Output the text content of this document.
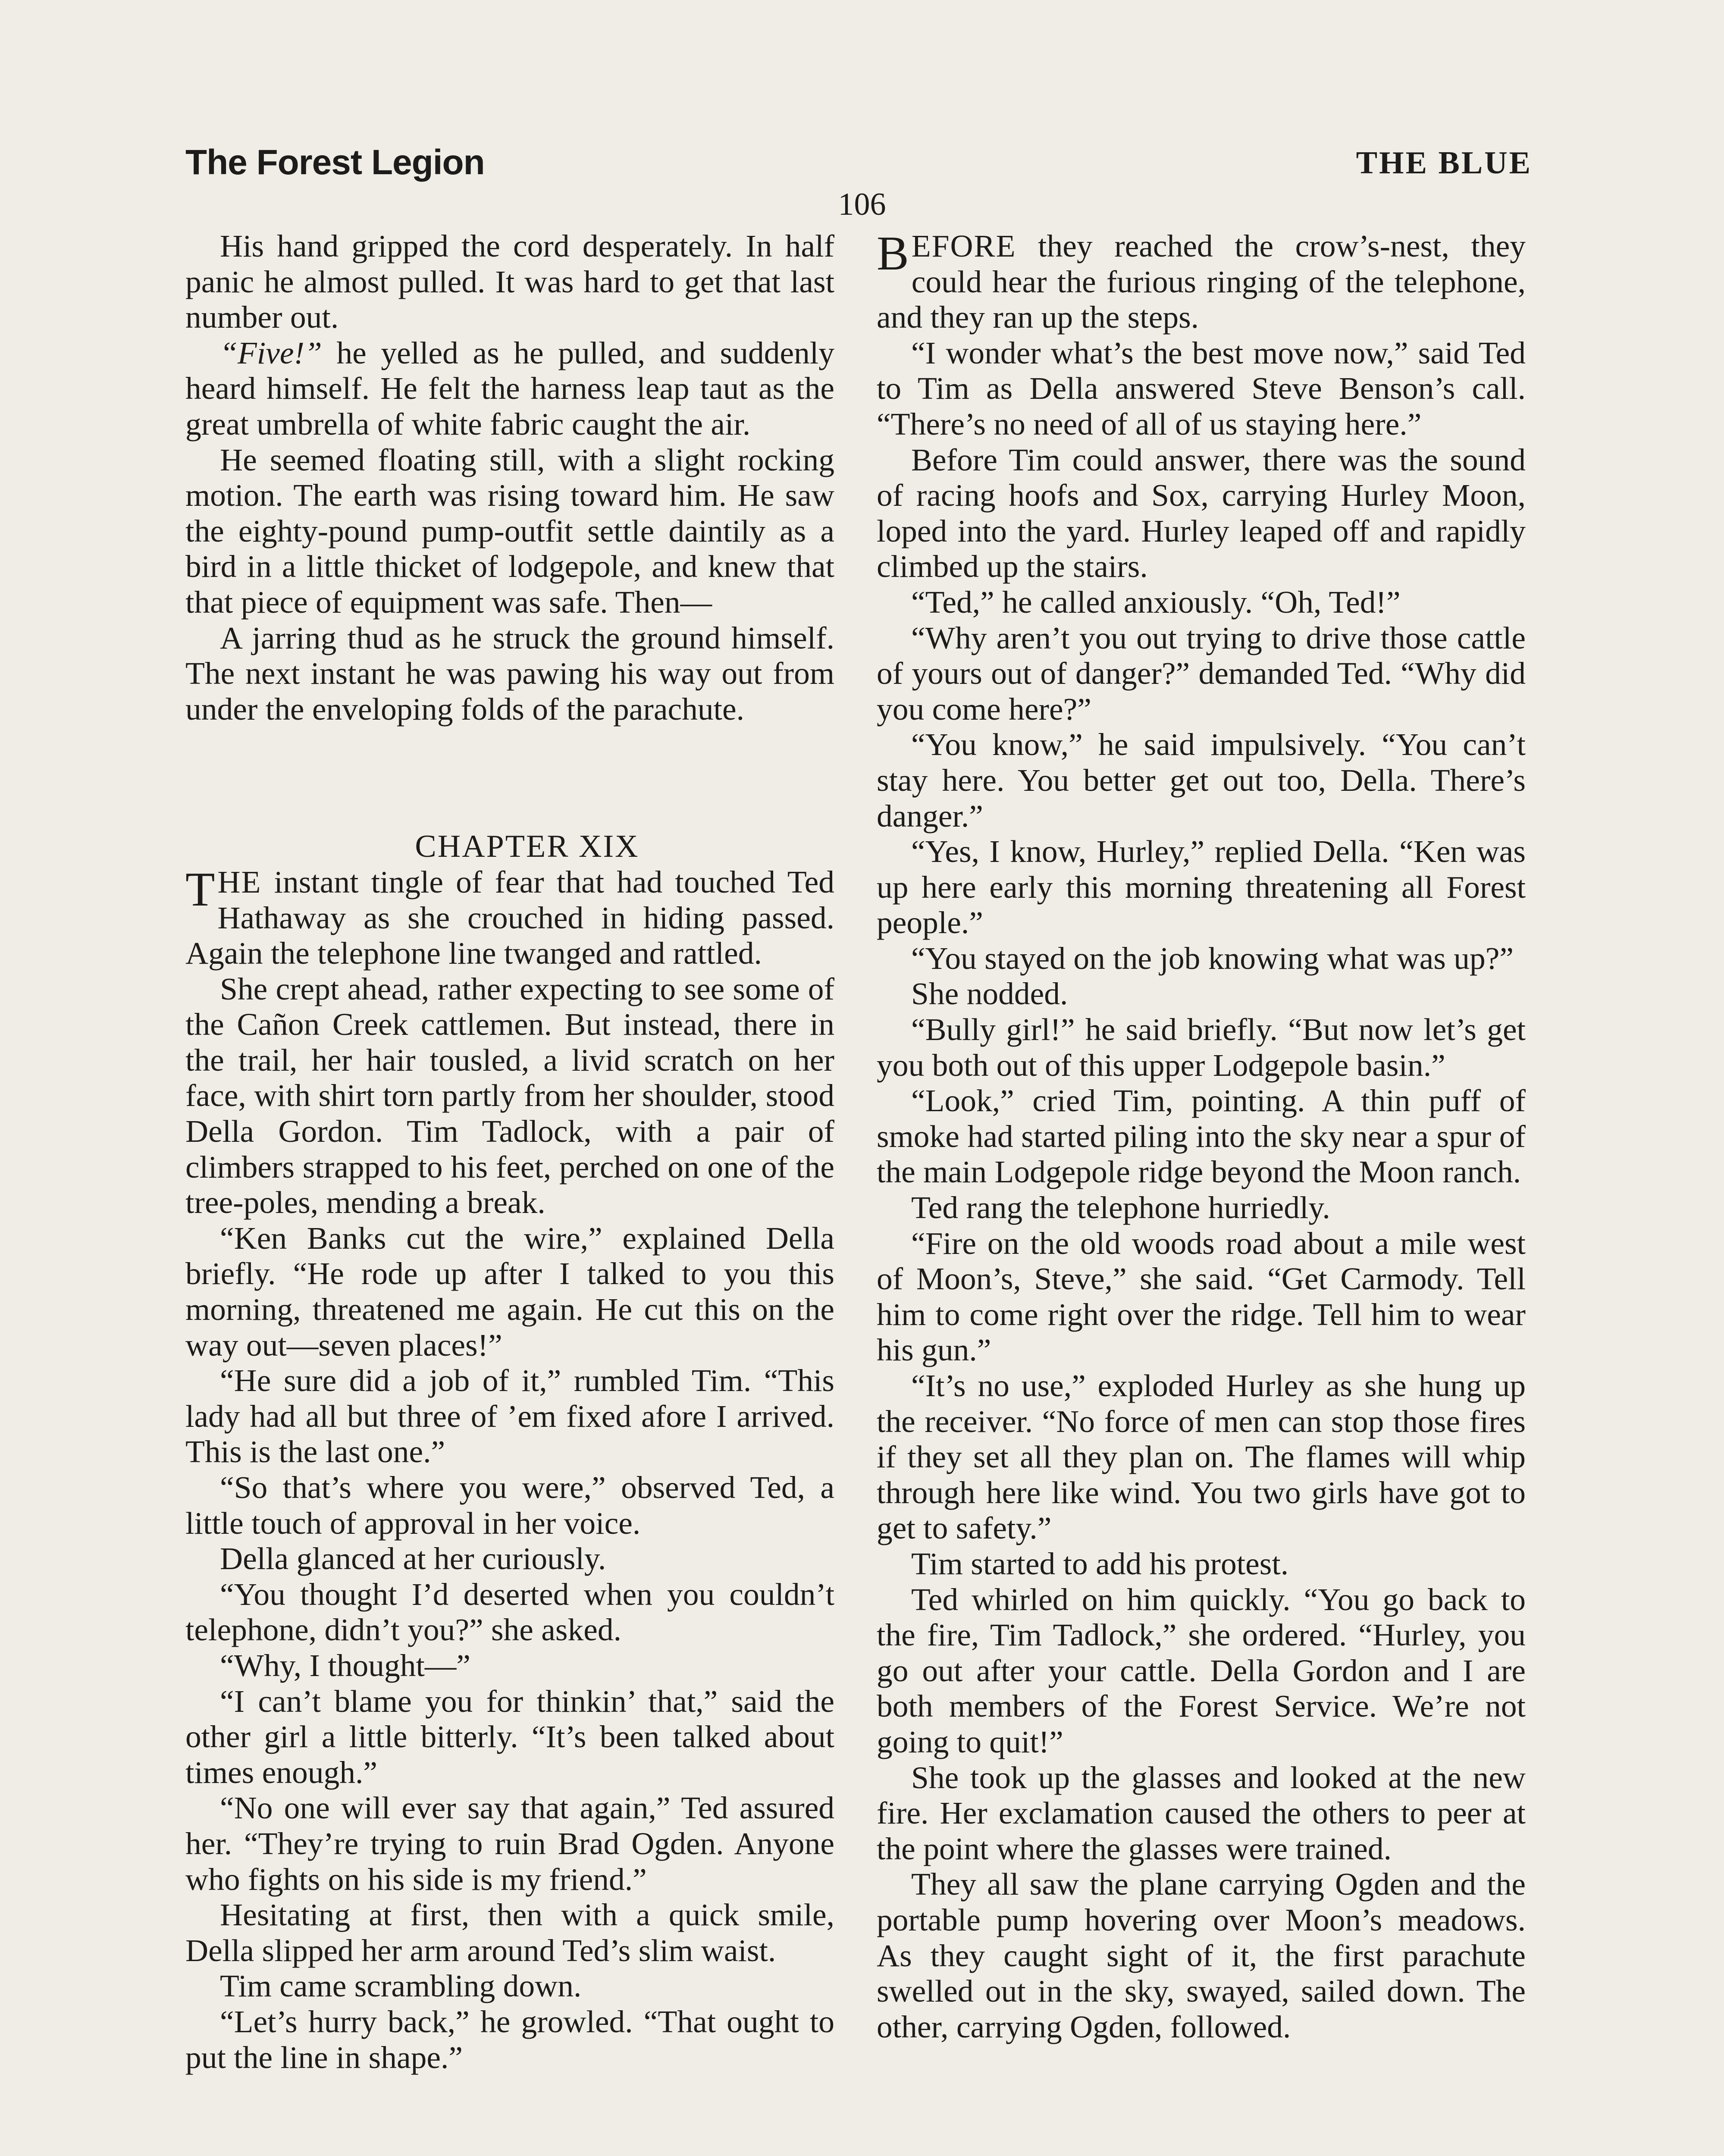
The Forest Legion	THE BLUE
106

His hand gripped the cord desperately. In half panic he almost pulled. It was hard to get that last number out.

“Five!” he yelled as he pulled, and suddenly heard himself. He felt the harness leap taut as the great umbrella of white fabric caught the air.

He seemed floating still, with a slight rocking motion. The earth was rising toward him. He saw the eighty-pound pump-outfit settle daintily as a bird in a little thicket of lodgepole, and knew that that piece of equipment was safe. Then—

A jarring thud as he struck the ground himself. The next instant he was pawing his way out from under the enveloping folds of the parachute.

CHAPTER XIX

THE instant tingle of fear that had touched Ted Hathaway as she crouched in hiding passed. Again the telephone line twanged and rattled.

She crept ahead, rather expecting to see some of the Cañon Creek cattlemen. But instead, there in the trail, her hair tousled, a livid scratch on her face, with shirt torn partly from her shoulder, stood Della Gordon. Tim Tadlock, with a pair of climbers strapped to his feet, perched on one of the tree-poles, mending a break.

“Ken Banks cut the wire,” explained Della briefly. “He rode up after I talked to you this morning, threatened me again. He cut this on the way out—seven places!”

“He sure did a job of it,” rumbled Tim. “This lady had all but three of ’em fixed afore I arrived. This is the last one.”

“So that’s where you were,” observed Ted, a little touch of approval in her voice.

Della glanced at her curiously.

“You thought I’d deserted when you couldn’t telephone, didn’t you?” she asked.

“Why, I thought—”

“I can’t blame you for thinkin’ that,” said the other girl a little bitterly. “It’s been talked about times enough.”

“No one will ever say that again,” Ted assured her. “They’re trying to ruin Brad Ogden. Anyone who fights on his side is my friend.”

Hesitating at first, then with a quick smile, Della slipped her arm around Ted’s slim waist.

Tim came scrambling down.

“Let’s hurry back,” he growled. “That ought to put the line in shape.”

BEFORE they reached the crow’s-nest, they could hear the furious ringing of the telephone, and they ran up the steps.

“I wonder what’s the best move now,” said Ted to Tim as Della answered Steve Benson’s call. “There’s no need of all of us staying here.”

Before Tim could answer, there was the sound of racing hoofs and Sox, carrying Hurley Moon, loped into the yard. Hurley leaped off and rapidly climbed up the stairs.

“Ted,” he called anxiously. “Oh, Ted!”

“Why aren’t you out trying to drive those cattle of yours out of danger?” demanded Ted. “Why did you come here?”

“You know,” he said impulsively. “You can’t stay here. You better get out too, Della. There’s danger.”

“Yes, I know, Hurley,” replied Della. “Ken was up here early this morning threatening all Forest people.”

“You stayed on the job knowing what was up?”

She nodded.

“Bully girl!” he said briefly. “But now let’s get you both out of this upper Lodgepole basin.”

“Look,” cried Tim, pointing. A thin puff of smoke had started piling into the sky near a spur of the main Lodgepole ridge beyond the Moon ranch.

Ted rang the telephone hurriedly.

“Fire on the old woods road about a mile west of Moon’s, Steve,” she said. “Get Carmody. Tell him to come right over the ridge. Tell him to wear his gun.”

“It’s no use,” exploded Hurley as she hung up the receiver. “No force of men can stop those fires if they set all they plan on. The flames will whip through here like wind. You two girls have got to get to safety.”

Tim started to add his protest.

Ted whirled on him quickly. “You go back to the fire, Tim Tadlock,” she ordered. “Hurley, you go out after your cattle. Della Gordon and I are both members of the Forest Service. We’re not going to quit!”

She took up the glasses and looked at the new fire. Her exclamation caused the others to peer at the point where the glasses were trained.

They all saw the plane carrying Ogden and the portable pump hovering over Moon’s meadows. As they caught sight of it, the first parachute swelled out in the sky, swayed, sailed down. The other, carrying Ogden, followed.
